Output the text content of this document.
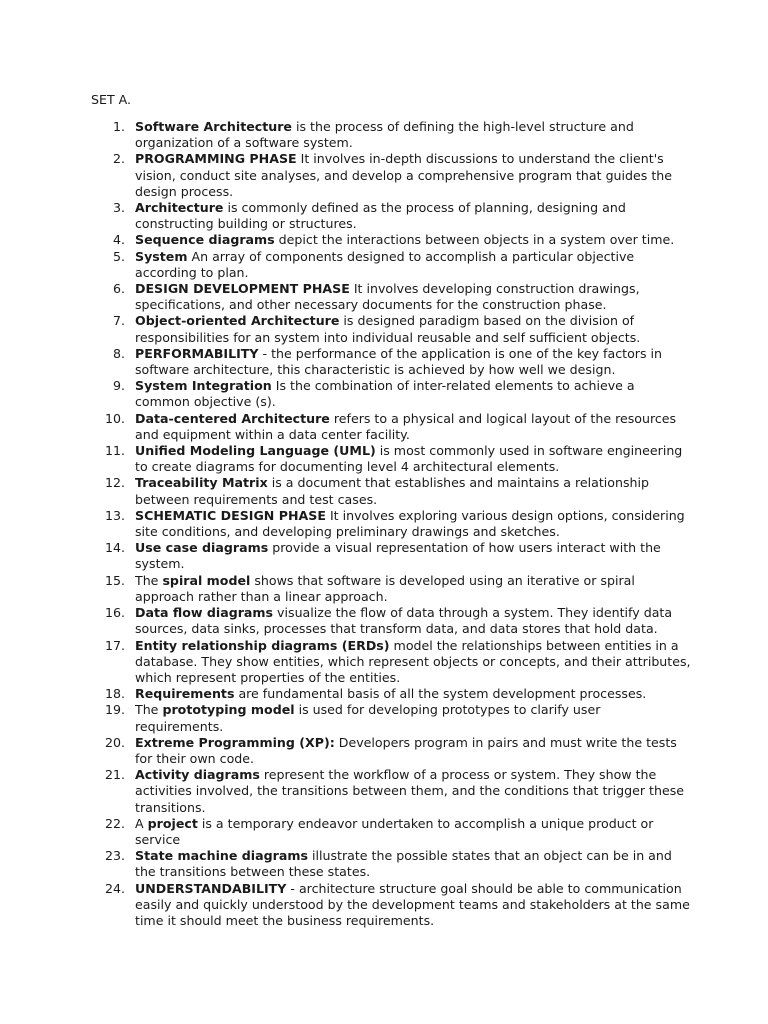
SET A.

1. Software Architecture is the process of defining the high-level structure and organization of a software system.
2. PROGRAMMING PHASE It involves in-depth discussions to understand the client's vision, conduct site analyses, and develop a comprehensive program that guides the design process.
3. Architecture is commonly defined as the process of planning, designing and constructing building or structures.
4. Sequence diagrams depict the interactions between objects in a system over time.
5. System An array of components designed to accomplish a particular objective according to plan.
6. DESIGN DEVELOPMENT PHASE It involves developing construction drawings, specifications, and other necessary documents for the construction phase.
7. Object-oriented Architecture is designed paradigm based on the division of responsibilities for an system into individual reusable and self sufficient objects.
8. PERFORMABILITY - the performance of the application is one of the key factors in software architecture, this characteristic is achieved by how well we design.
9. System Integration Is the combination of inter-related elements to achieve a common objective (s).
10. Data-centered Architecture refers to a physical and logical layout of the resources and equipment within a data center facility.
11. Unified Modeling Language (UML) is most commonly used in software engineering to create diagrams for documenting level 4 architectural elements.
12. Traceability Matrix is a document that establishes and maintains a relationship between requirements and test cases.
13. SCHEMATIC DESIGN PHASE It involves exploring various design options, considering site conditions, and developing preliminary drawings and sketches.
14. Use case diagrams provide a visual representation of how users interact with the system.
15. The spiral model shows that software is developed using an iterative or spiral approach rather than a linear approach.
16. Data flow diagrams visualize the flow of data through a system. They identify data sources, data sinks, processes that transform data, and data stores that hold data.
17. Entity relationship diagrams (ERDs) model the relationships between entities in a database. They show entities, which represent objects or concepts, and their attributes, which represent properties of the entities.
18. Requirements are fundamental basis of all the system development processes.
19. The prototyping model is used for developing prototypes to clarify user requirements.
20. Extreme Programming (XP): Developers program in pairs and must write the tests for their own code.
21. Activity diagrams represent the workflow of a process or system. They show the activities involved, the transitions between them, and the conditions that trigger these transitions.
22. A project is a temporary endeavor undertaken to accomplish a unique product or service
23. State machine diagrams illustrate the possible states that an object can be in and the transitions between these states.
24. UNDERSTANDABILITY - architecture structure goal should be able to communication easily and quickly understood by the development teams and stakeholders at the same time it should meet the business requirements.
